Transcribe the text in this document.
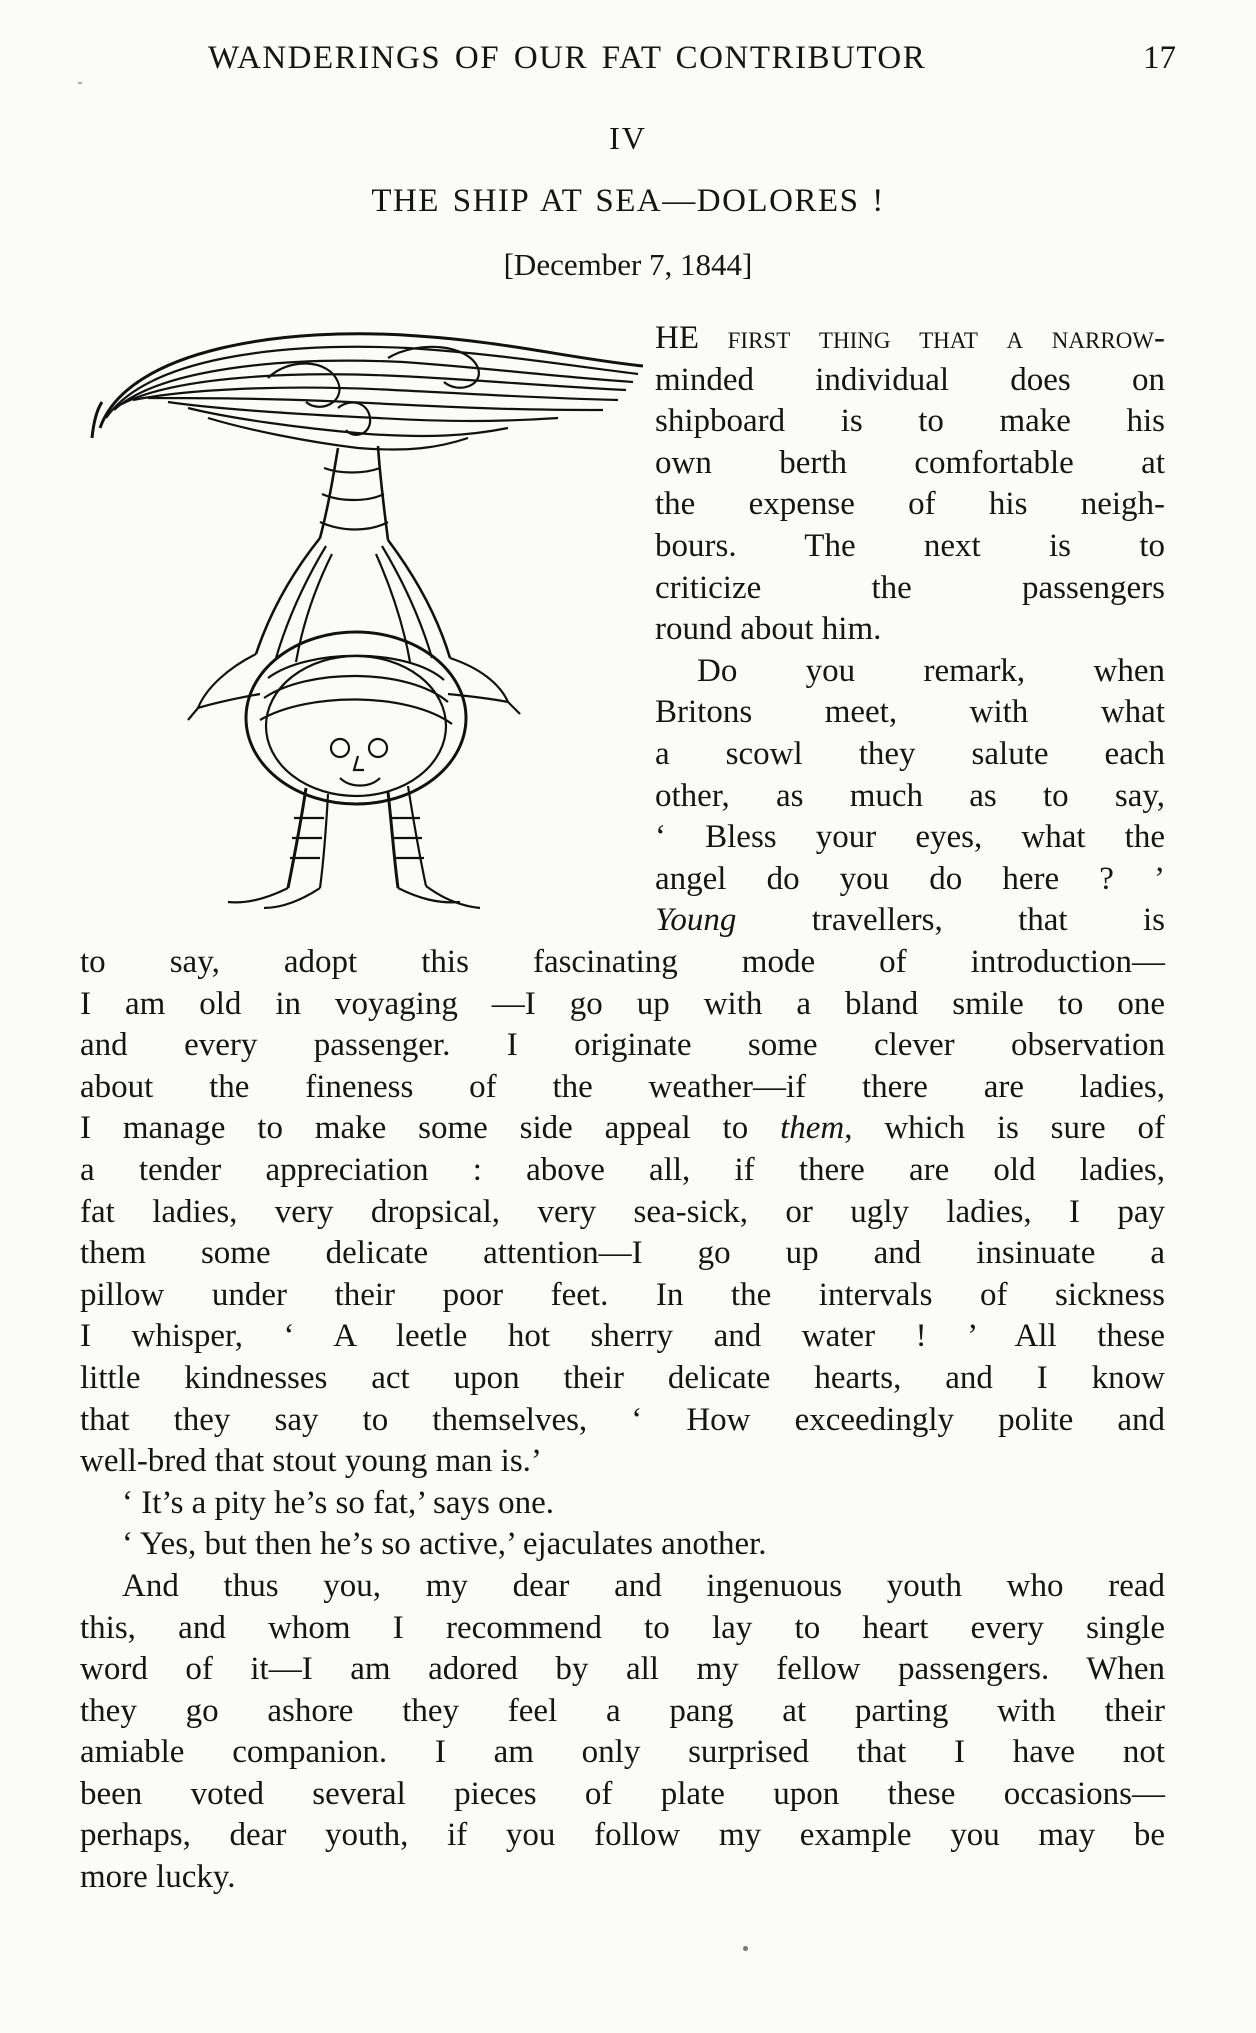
WANDERINGS OF OUR FAT CONTRIBUTOR	17
IV
THE SHIP AT SEA—DOLORES !
[December 7, 1844]
HE first thing that a narrow-
minded individual does on
shipboard is to make his
own berth comfortable at
the expense of his neigh-
bours. The next is to
criticize the passengers
round about him.
Do you remark, when
Britons meet, with what
a scowl they salute each
other, as much as to say,
‘ Bless your eyes, what the
angel do you do here ? ’
Young travellers, that is
to say, adopt this fascinating mode of introduction—
I am old in voyaging —I go up with a bland smile to one
and every passenger. I originate some clever observation
about the fineness of the weather—if there are ladies,
I manage to make some side appeal to them, which is sure of
a tender appreciation : above all, if there are old ladies,
fat ladies, very dropsical, very sea-sick, or ugly ladies, I pay
them some delicate attention—I go up and insinuate a
pillow under their poor feet. In the intervals of sickness
I whisper, ‘ A leetle hot sherry and water ! ’ All these
little kindnesses act upon their delicate hearts, and I know
that they say to themselves, ‘ How exceedingly polite and
well-bred that stout young man is.’
‘ It’s a pity he’s so fat,’ says one.
‘ Yes, but then he’s so active,’ ejaculates another.
And thus you, my dear and ingenuous youth who read
this, and whom I recommend to lay to heart every single
word of it—I am adored by all my fellow passengers. When
they go ashore they feel a pang at parting with their
amiable companion. I am only surprised that I have not
been voted several pieces of plate upon these occasions—
perhaps, dear youth, if you follow my example you may be
more lucky.
